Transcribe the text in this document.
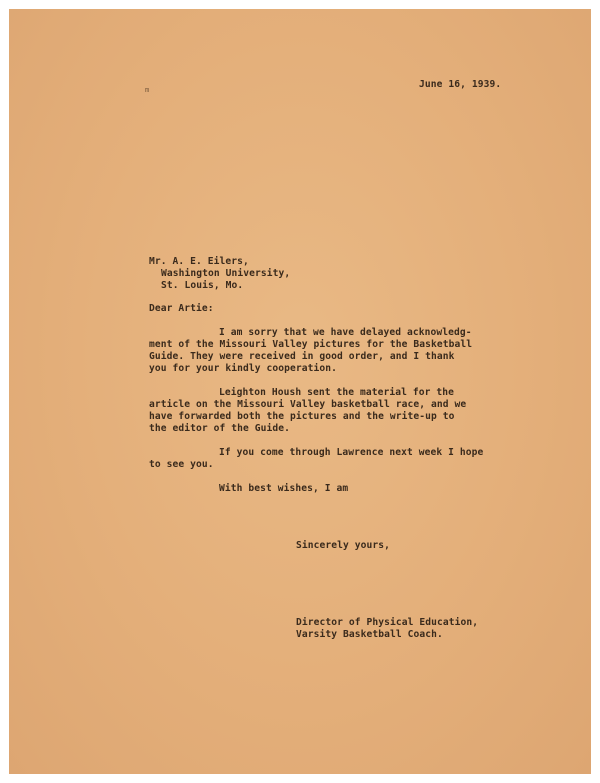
m	June 16, 1939.
Mr. A. E. Eilers,
Washington University,
St. Louis, Mo.
Dear Artie:
I am sorry that we have delayed acknowledg-
ment of the Missouri Valley pictures for the Basketball
Guide. They were received in good order, and I thank
you for your kindly cooperation.
Leighton Housh sent the material for the
article on the Missouri Valley basketball race, and we
have forwarded both the pictures and the write-up to
the editor of the Guide.
If you come through Lawrence next week I hope
to see you.
With best wishes, I am
Sincerely yours,
Director of Physical Education,
Varsity Basketball Coach.
